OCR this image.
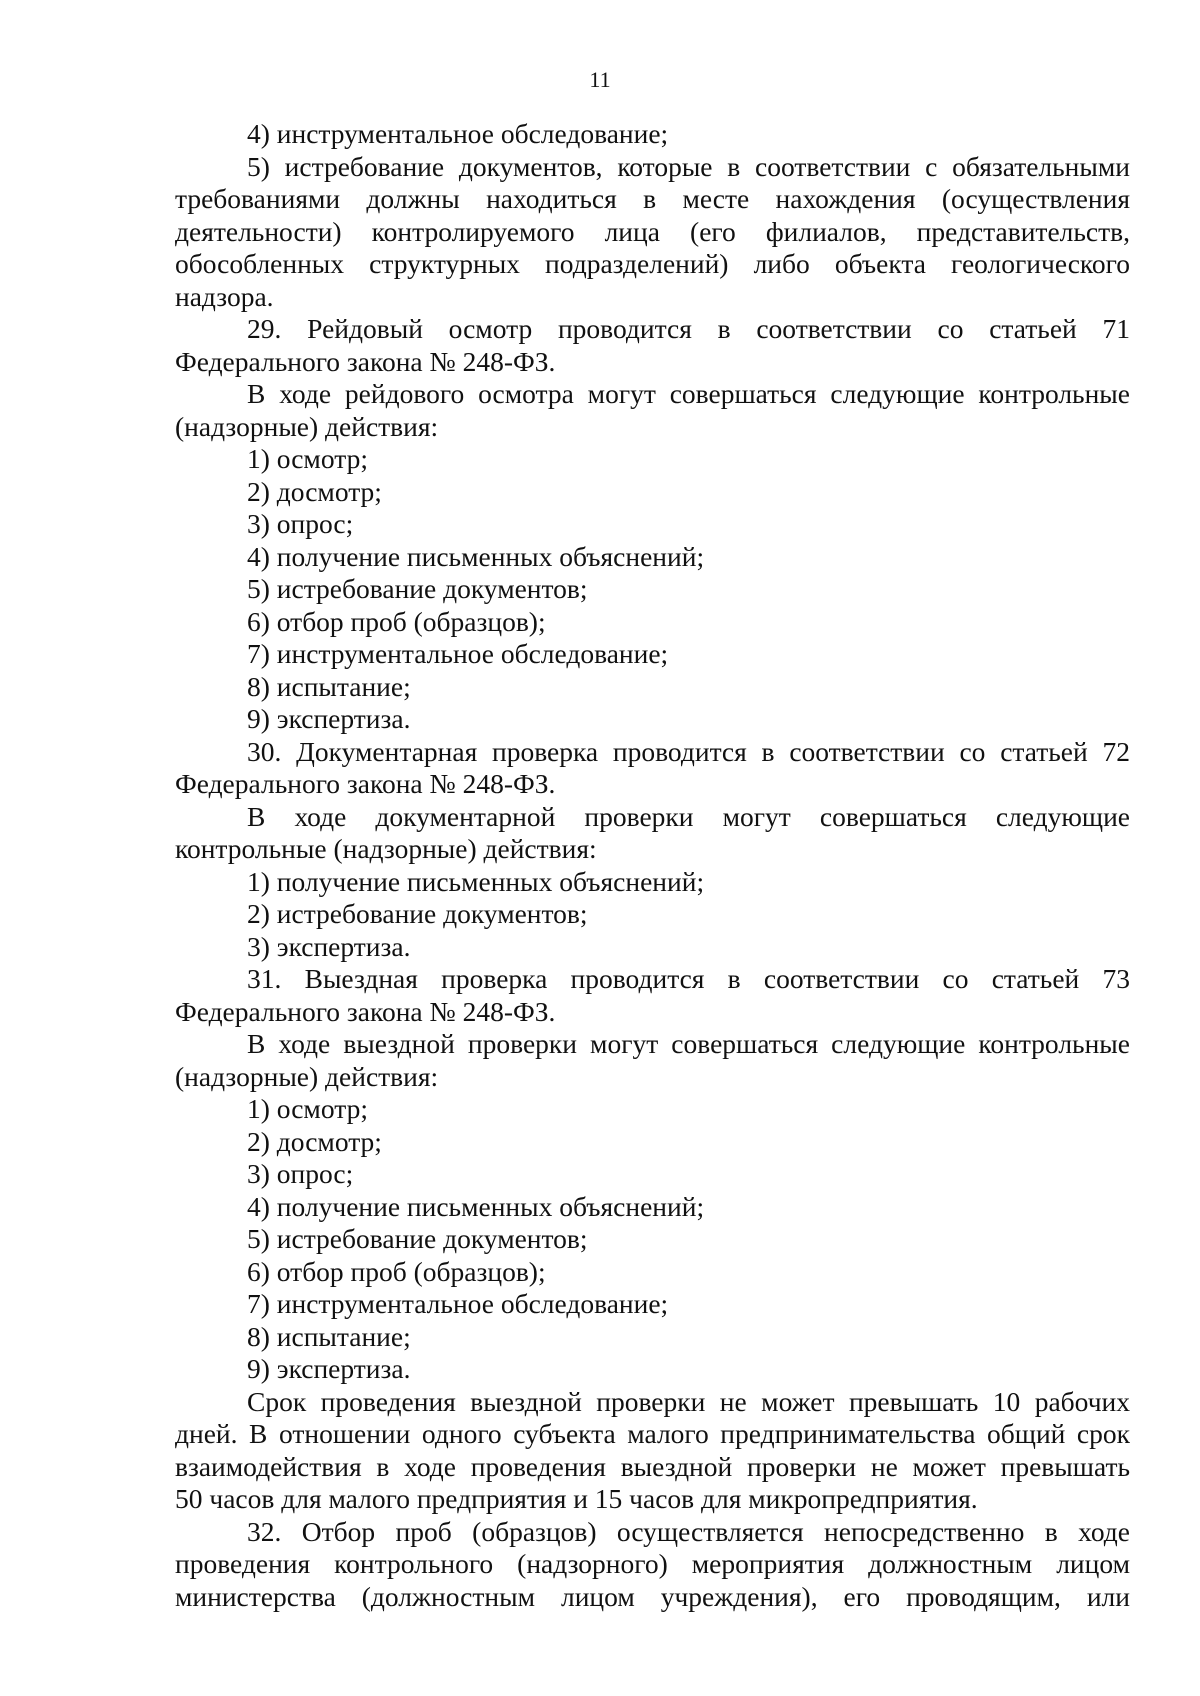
11
4) инструментальное обследование;
5) истребование документов, которые в соответствии с обязательными
требованиями должны находиться в месте нахождения (осуществления
деятельности) контролируемого лица (его филиалов, представительств,
обособленных структурных подразделений) либо объекта геологического
надзора.
29. Рейдовый осмотр проводится в соответствии со статьей 71
Федерального закона № 248-ФЗ.
В ходе рейдового осмотра могут совершаться следующие контрольные
(надзорные) действия:
1) осмотр;
2) досмотр;
3) опрос;
4) получение письменных объяснений;
5) истребование документов;
6) отбор проб (образцов);
7) инструментальное обследование;
8) испытание;
9) экспертиза.
30. Документарная проверка проводится в соответствии со статьей 72
Федерального закона № 248-ФЗ.
В ходе документарной проверки могут совершаться следующие
контрольные (надзорные) действия:
1) получение письменных объяснений;
2) истребование документов;
3) экспертиза.
31. Выездная проверка проводится в соответствии со статьей 73
Федерального закона № 248-ФЗ.
В ходе выездной проверки могут совершаться следующие контрольные
(надзорные) действия:
1) осмотр;
2) досмотр;
3) опрос;
4) получение письменных объяснений;
5) истребование документов;
6) отбор проб (образцов);
7) инструментальное обследование;
8) испытание;
9) экспертиза.
Срок проведения выездной проверки не может превышать 10 рабочих
дней. В отношении одного субъекта малого предпринимательства общий срок
взаимодействия в ходе проведения выездной проверки не может превышать
50 часов для малого предприятия и 15 часов для микропредприятия.
32. Отбор проб (образцов) осуществляется непосредственно в ходе
проведения контрольного (надзорного) мероприятия должностным лицом
министерства (должностным лицом учреждения), его проводящим, или
